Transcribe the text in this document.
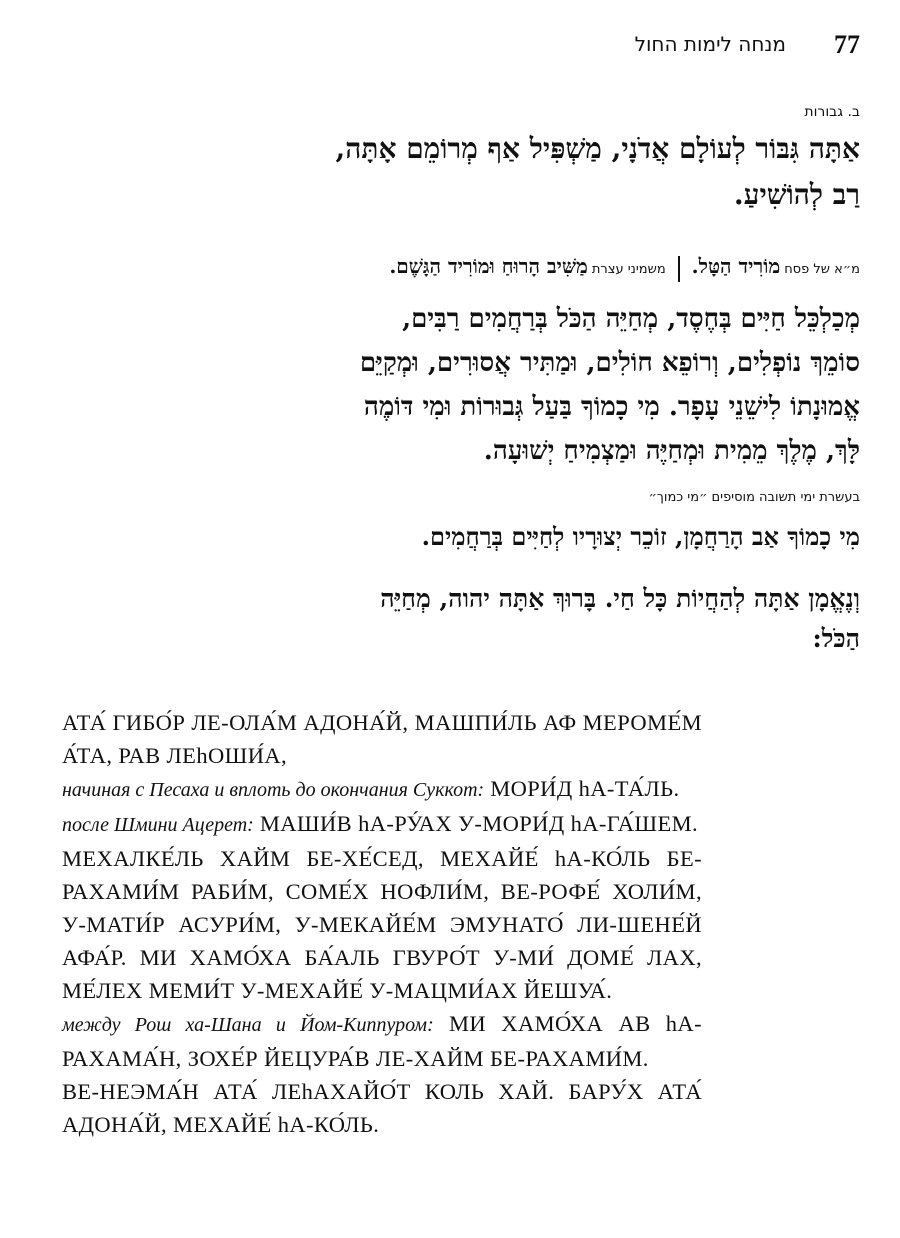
77
מנחה לימות החול
ב. גבורות
אַתָּה גִּבּוֹר לְעוֹלָם אֲדֹנָי, מַשְׁפִּיל אַף מְרוֹמֵם אָתָּה,
רַב לְהוֹשִׁיעַ.
מ״א של פסח מוֹרִיד הַטָּל.  משמיני עצרת מַשִּׁיב הָרוּחַ וּמוֹרִיד הַגָּשֶׁם.
מְכַלְכֵּל חַיִּים בְּחֶסֶד, מְחַיֵּה הַכֹּל בְּרַחֲמִים רַבִּים,
סוֹמֵךְ נוֹפְלִים, וְרוֹפֵא חוֹלִים, וּמַתִּיר אֲסוּרִים, וּמְקַיֵּם
אֱמוּנָתוֹ לִישֵׁנֵי עָפָר. מִי כָמוֹךָ בַּעַל גְּבוּרוֹת וּמִי דּוֹמֶה
לָּךְ, מֶלֶךְ מֵמִית וּמְחַיֶּה וּמַצְמִיחַ יְשׁוּעָה.
בעשרת ימי תשובה מוסיפים ״מי כמוך״
מִי כָמוֹךָ אַב הָרַחֲמָן, זוֹכֵר יְצוּרָיו לְחַיִּים בְּרַחֲמִים.
וְנֶאֱמָן אַתָּה לְהַחֲיוֹת כָּל חַי. בָּרוּךְ אַתָּה יהוה, מְחַיֵּה
הַכֹּל:

АТА́ ГИБО́Р ЛЕ-ОЛА́М АДОНА́Й, МАШПИ́ЛЬ АФ МЕРОМЕ́М А́ТА, РАВ ЛЕhОШИ́А,

начиная с Песаха и вплоть до окончания Суккот: МОРИ́Д hА-ТА́ЛЬ.

после Шмини Ацерет: МАШИ́В hА-РУ́АХ У-МОРИ́Д hА-ГА́ШЕМ.

МЕХАЛКЕ́ЛЬ ХАЙМ БЕ-ХЕ́СЕД, МЕХАЙЕ́ hА-КО́ЛЬ БЕ-РАХАМИ́М РАБИ́М, СОМЕ́Х НОФЛИ́М, ВЕ-РОФЕ́ ХОЛИ́М, У-МАТИ́Р АСУРИ́М, У-МЕКАЙЕ́М ЭМУНАТО́ ЛИ-ШЕНЕ́Й АФА́Р. МИ ХАМО́ХА БА́АЛЬ ГВУРО́Т У-МИ́ ДОМЕ́ ЛАХ, МЕ́ЛЕХ МЕМИ́Т У-МЕХАЙЕ́ У-МАЦМИ́АХ ЙЕШУА́.

между Рош ха-Шана и Йом-Киппуром: МИ ХАМО́ХА АВ hА-РАХАМА́Н, ЗОХЕ́Р ЙЕЦУРА́В ЛЕ-ХАЙМ БЕ-РАХАМИ́М.

ВЕ-НЕЭМА́Н АТА́ ЛЕhАХАЙО́Т КОЛЬ ХАЙ. БАРУ́Х АТА́ АДОНА́Й, МЕХАЙЕ́ hА-КО́ЛЬ.
